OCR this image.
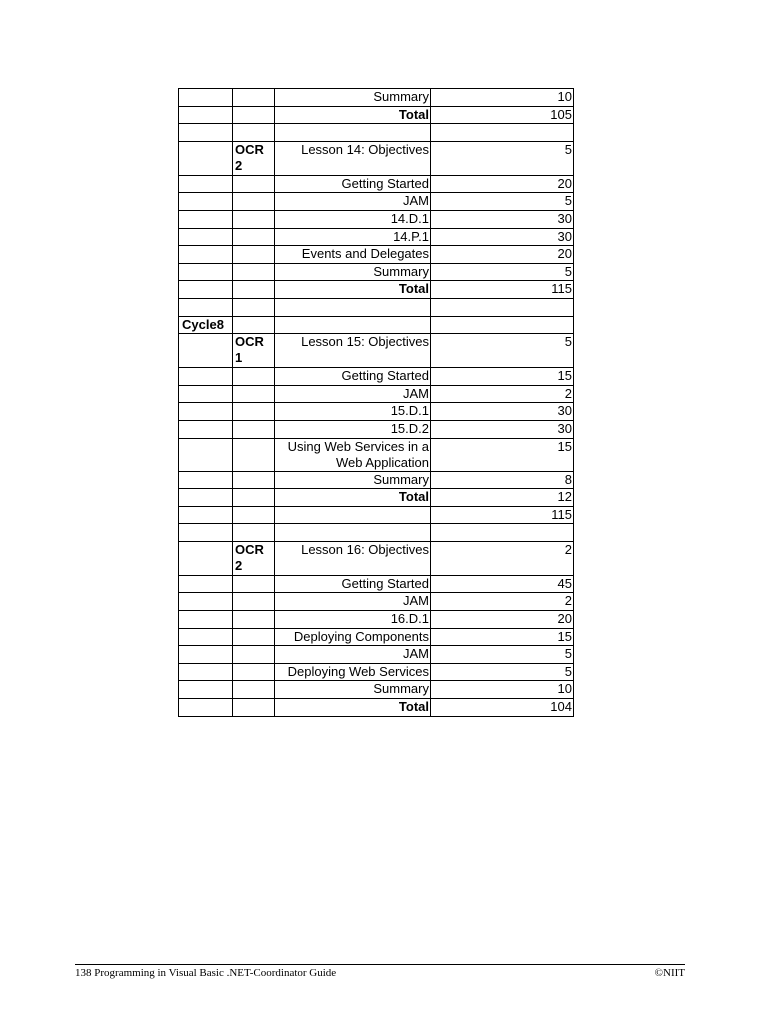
		Summary	10
		Total	105

	OCR 2	Lesson 14: Objectives	5
		Getting Started	20
		JAM	5
		14.D.1	30
		14.P.1	30
		Events and Delegates	20
		Summary	5
		Total	115

Cycle8			
	OCR 1	Lesson 15: Objectives	5
		Getting Started	15
		JAM	2
		15.D.1	30
		15.D.2	30
		Using Web Services in a Web Application	15
		Summary	8
		Total	12
			115

	OCR 2	Lesson 16: Objectives	2
		Getting Started	45
		JAM	2
		16.D.1	20
		Deploying Components	15
		JAM	5
		Deploying Web Services	5
		Summary	10
		Total	104
138 Programming in Visual Basic .NET-Coordinator Guide	©NIIT
